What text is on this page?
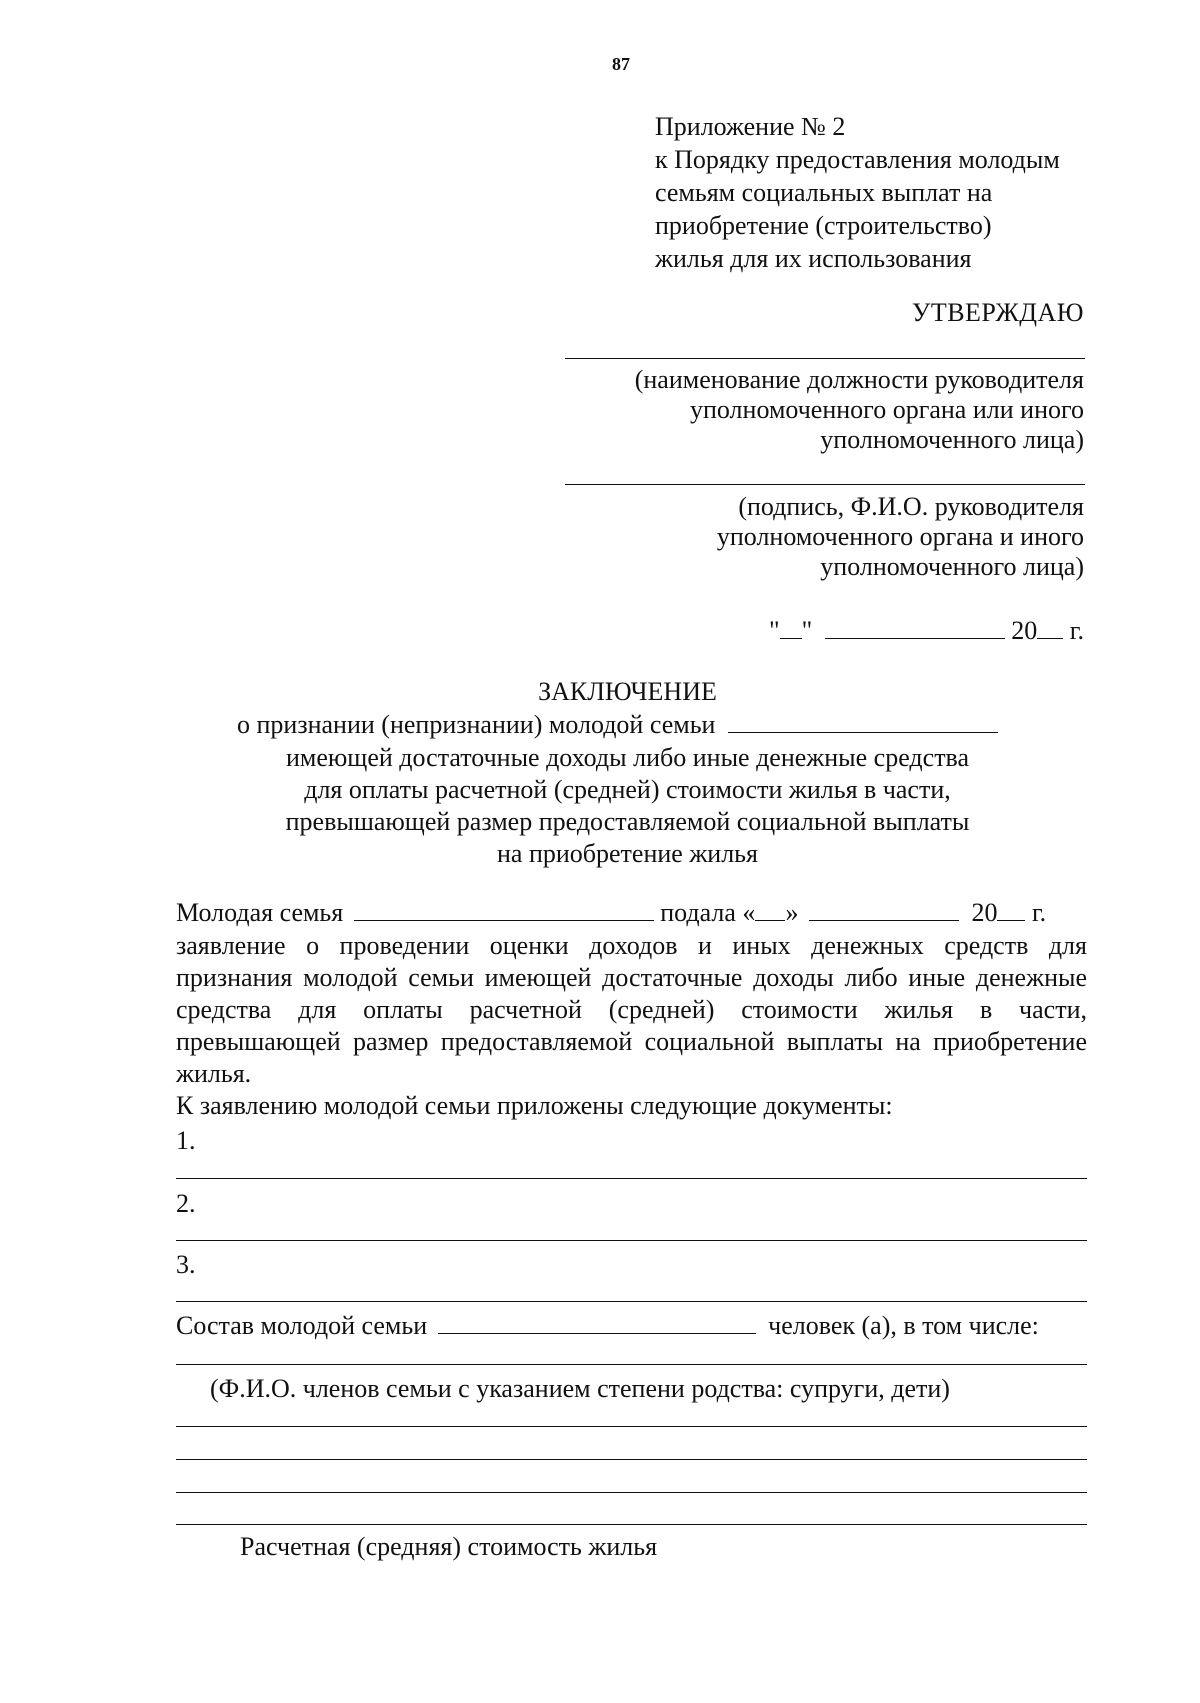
87
Приложение № 2
к Порядку предоставления молодым
семьям социальных выплат на
приобретение (строительство)
жилья для их использования
УТВЕРЖДАЮ
(наименование должности руководителя
уполномоченного органа или иного
уполномоченного лица)
(подпись, Ф.И.О. руководителя
уполномоченного органа и иного
уполномоченного лица)
" "	20 г.
ЗАКЛЮЧЕНИЕ
о признании (непризнании) молодой семьи
имеющей достаточные доходы либо иные денежные средства
для оплаты расчетной (средней) стоимости жилья в части,
превышающей размер предоставляемой социальной выплаты
на приобретение жилья
Молодая семья	подала « »	20 г.
заявление о проведении оценки доходов и иных денежных средств для
признания молодой семьи имеющей достаточные доходы либо иные денежные
средства для оплаты расчетной (средней) стоимости жилья в части,
превышающей размер предоставляемой социальной выплаты на приобретение
жилья.
К заявлению молодой семьи приложены следующие документы:
1.
2.
3.
Состав молодой семьи	человек (а), в том числе:
(Ф.И.О. членов семьи с указанием степени родства: супруги, дети)
Расчетная (средняя) стоимость жилья
